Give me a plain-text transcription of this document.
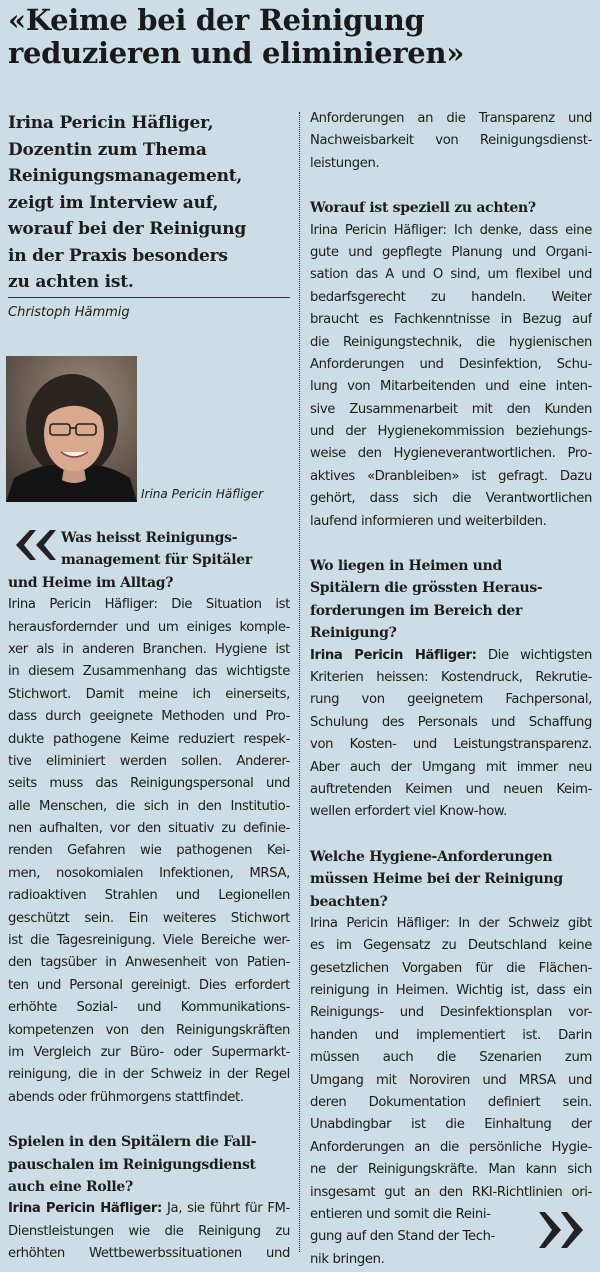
«Keime bei der Reinigung
reduzieren und eliminieren»
Irina Pericin Häfliger,
Dozentin zum Thema
Reinigungsmanagement,
zeigt im Interview auf,
worauf bei der Reinigung
in der Praxis besonders
zu achten ist.
Christoph Hämmig
Irina Pericin Häfliger
Was heisst Reinigungs-
management für Spitäler
und Heime im Alltag?
Irina Pericin Häfliger: Die Situation ist
herausfordernder und um einiges komple-
xer als in anderen Branchen. Hygiene ist
in diesem Zusammenhang das wichtigste
Stichwort. Damit meine ich einerseits,
dass durch geeignete Methoden und Pro-
dukte pathogene Keime reduziert respek-
tive eliminiert werden sollen. Anderer-
seits muss das Reinigungspersonal und
alle Menschen, die sich in den Institutio-
nen aufhalten, vor den situativ zu definie-
renden Gefahren wie pathogenen Kei-
men, nosokomialen Infektionen, MRSA,
radioaktiven Strahlen und Legionellen
geschützt sein. Ein weiteres Stichwort
ist die Tagesreinigung. Viele Bereiche wer-
den tagsüber in Anwesenheit von Patien-
ten und Personal gereinigt. Dies erfordert
erhöhte Sozial- und Kommunikations-
kompetenzen von den Reinigungskräften
im Vergleich zur Büro- oder Supermarkt-
reinigung, die in der Schweiz in der Regel
abends oder frühmorgens stattfindet.
Spielen in den Spitälern die Fall-
pauschalen im Reinigungsdienst
auch eine Rolle?
Irina Pericin Häfliger: Ja, sie führt für FM-
Dienstleistungen wie die Reinigung zu
erhöhten Wettbewerbssituationen und
Anforderungen an die Transparenz und
Nachweisbarkeit von Reinigungsdienst-
leistungen.
Worauf ist speziell zu achten?
Irina Pericin Häfliger: Ich denke, dass eine
gute und gepflegte Planung und Organi-
sation das A und O sind, um flexibel und
bedarfsgerecht zu handeln. Weiter
braucht es Fachkenntnisse in Bezug auf
die Reinigungstechnik, die hygienischen
Anforderungen und Desinfektion, Schu-
lung von Mitarbeitenden und eine inten-
sive Zusammenarbeit mit den Kunden
und der Hygienekommission beziehungs-
weise den Hygieneverantwortlichen. Pro-
aktives «Dranbleiben» ist gefragt. Dazu
gehört, dass sich die Verantwortlichen
laufend informieren und weiterbilden.
Wo liegen in Heimen und
Spitälern die grössten Heraus-
forderungen im Bereich der
Reinigung?
Irina Pericin Häfliger: Die wichtigsten
Kriterien heissen: Kostendruck, Rekrutie-
rung von geeignetem Fachpersonal,
Schulung des Personals und Schaffung
von Kosten- und Leistungstransparenz.
Aber auch der Umgang mit immer neu
auftretenden Keimen und neuen Keim-
wellen erfordert viel Know-how.
Welche Hygiene-Anforderungen
müssen Heime bei der Reinigung
beachten?
Irina Pericin Häfliger: In der Schweiz gibt
es im Gegensatz zu Deutschland keine
gesetzlichen Vorgaben für die Flächen-
reinigung in Heimen. Wichtig ist, dass ein
Reinigungs- und Desinfektionsplan vor-
handen und implementiert ist. Darin
müssen auch die Szenarien zum
Umgang mit Noroviren und MRSA und
deren Dokumentation definiert sein.
Unabdingbar ist die Einhaltung der
Anforderungen an die persönliche Hygie-
ne der Reinigungskräfte. Man kann sich
insgesamt gut an den RKI-Richtlinien ori-
entieren und somit die Reini-
gung auf den Stand der Tech-
nik bringen.
